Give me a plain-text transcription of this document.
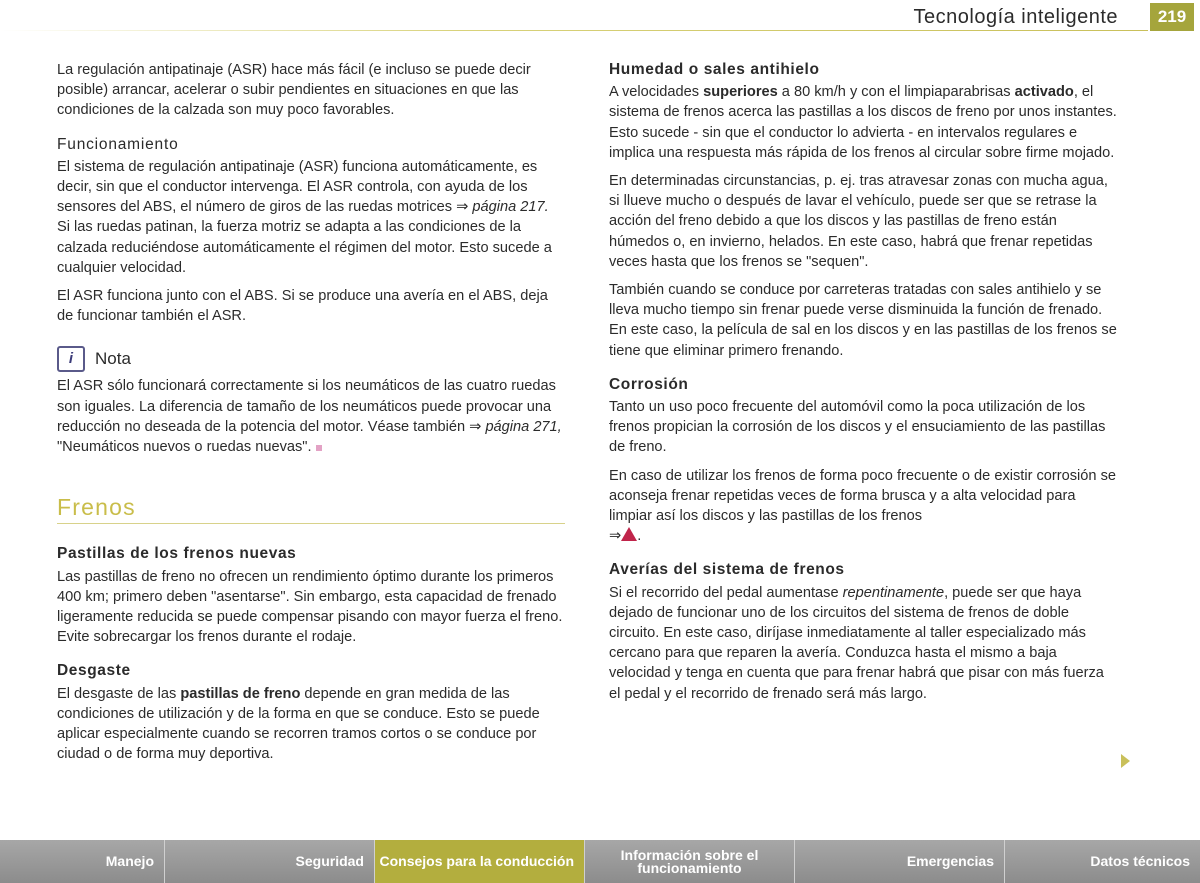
Tecnología inteligente	219

La regulación antipatinaje (ASR) hace más fácil (e incluso se puede decir posible) arrancar, acelerar o subir pendientes en situaciones en que las condiciones de la calzada son muy poco favorables.

Funcionamiento

El sistema de regulación antipatinaje (ASR) funciona automáticamente, es decir, sin que el conductor intervenga. El ASR controla, con ayuda de los sensores del ABS, el número de giros de las ruedas motrices ⇒ página 217. Si las ruedas patinan, la fuerza motriz se adapta a las condiciones de la calzada reduciéndose automáticamente el régimen del motor. Esto sucede a cualquier velocidad.

El ASR funciona junto con el ABS. Si se produce una avería en el ABS, deja de funcionar también el ASR.

i	Nota

El ASR sólo funcionará correctamente si los neumáticos de las cuatro ruedas son iguales. La diferencia de tamaño de los neumáticos puede provocar una reducción no deseada de la potencia del motor. Véase también ⇒ página 271, "Neumáticos nuevos o ruedas nuevas".

Frenos
Pastillas de los frenos nuevas

Las pastillas de freno no ofrecen un rendimiento óptimo durante los primeros 400 km; primero deben "asentarse". Sin embargo, esta capacidad de frenado ligeramente reducida se puede compensar pisando con mayor fuerza el freno. Evite sobrecargar los frenos durante el rodaje.

Desgaste

El desgaste de las pastillas de freno depende en gran medida de las condiciones de utilización y de la forma en que se conduce. Esto se puede aplicar especialmente cuando se recorren tramos cortos o se conduce por ciudad o de forma muy deportiva.

Humedad o sales antihielo

A velocidades superiores a 80 km/h y con el limpiaparabrisas activado, el sistema de frenos acerca las pastillas a los discos de freno por unos instantes. Esto sucede - sin que el conductor lo advierta - en intervalos regulares e implica una respuesta más rápida de los frenos al circular sobre firme mojado.

En determinadas circunstancias, p. ej. tras atravesar zonas con mucha agua, si llueve mucho o después de lavar el vehículo, puede ser que se retrase la acción del freno debido a que los discos y las pastillas de freno están húmedos o, en invierno, helados. En este caso, habrá que frenar repetidas veces hasta que los frenos se "sequen".

También cuando se conduce por carreteras tratadas con sales antihielo y se lleva mucho tiempo sin frenar puede verse disminuida la función de frenado. En este caso, la película de sal en los discos y en las pastillas de los frenos se tiene que eliminar primero frenando.

Corrosión

Tanto un uso poco frecuente del automóvil como la poca utilización de los frenos propician la corrosión de los discos y el ensuciamiento de las pastillas de freno.

En caso de utilizar los frenos de forma poco frecuente o de existir corrosión se aconseja frenar repetidas veces de forma brusca y a alta velocidad para limpiar así los discos y las pastillas de los frenos
⇒ .

Averías del sistema de frenos

Si el recorrido del pedal aumentase repentinamente, puede ser que haya dejado de funcionar uno de los circuitos del sistema de frenos de doble circuito. En este caso, diríjase inmediatamente al taller especializado más cercano para que reparen la avería. Conduzca hasta el mismo a baja velocidad y tenga en cuenta que para frenar habrá que pisar con más fuerza el pedal y el recorrido de frenado será más largo.

Manejo	Seguridad	Consejos para la conducción	Información sobre el funcionamiento	Emergencias	Datos técnicos
